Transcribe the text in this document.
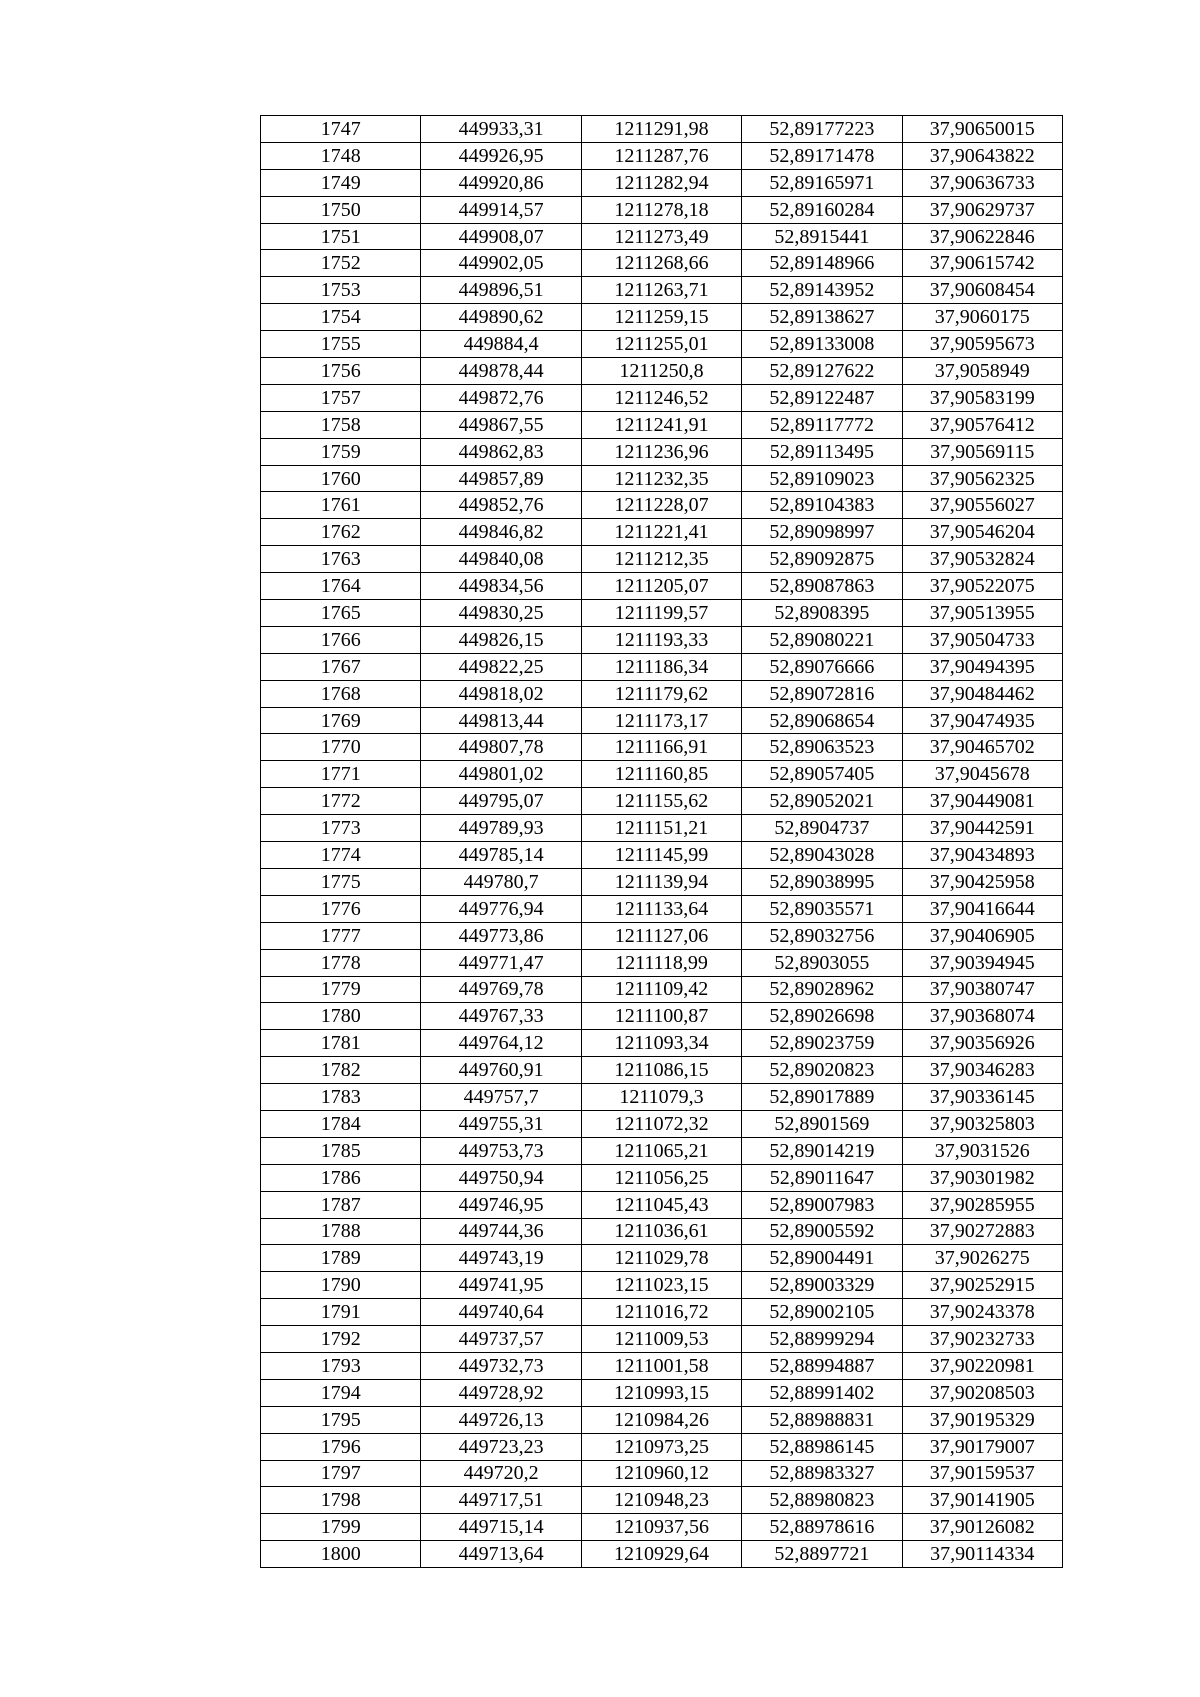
1747	449933,31	1211291,98	52,89177223	37,90650015
1748	449926,95	1211287,76	52,89171478	37,90643822
1749	449920,86	1211282,94	52,89165971	37,90636733
1750	449914,57	1211278,18	52,89160284	37,90629737
1751	449908,07	1211273,49	52,8915441	37,90622846
1752	449902,05	1211268,66	52,89148966	37,90615742
1753	449896,51	1211263,71	52,89143952	37,90608454
1754	449890,62	1211259,15	52,89138627	37,9060175
1755	449884,4	1211255,01	52,89133008	37,90595673
1756	449878,44	1211250,8	52,89127622	37,9058949
1757	449872,76	1211246,52	52,89122487	37,90583199
1758	449867,55	1211241,91	52,89117772	37,90576412
1759	449862,83	1211236,96	52,89113495	37,90569115
1760	449857,89	1211232,35	52,89109023	37,90562325
1761	449852,76	1211228,07	52,89104383	37,90556027
1762	449846,82	1211221,41	52,89098997	37,90546204
1763	449840,08	1211212,35	52,89092875	37,90532824
1764	449834,56	1211205,07	52,89087863	37,90522075
1765	449830,25	1211199,57	52,8908395	37,90513955
1766	449826,15	1211193,33	52,89080221	37,90504733
1767	449822,25	1211186,34	52,89076666	37,90494395
1768	449818,02	1211179,62	52,89072816	37,90484462
1769	449813,44	1211173,17	52,89068654	37,90474935
1770	449807,78	1211166,91	52,89063523	37,90465702
1771	449801,02	1211160,85	52,89057405	37,9045678
1772	449795,07	1211155,62	52,89052021	37,90449081
1773	449789,93	1211151,21	52,8904737	37,90442591
1774	449785,14	1211145,99	52,89043028	37,90434893
1775	449780,7	1211139,94	52,89038995	37,90425958
1776	449776,94	1211133,64	52,89035571	37,90416644
1777	449773,86	1211127,06	52,89032756	37,90406905
1778	449771,47	1211118,99	52,8903055	37,90394945
1779	449769,78	1211109,42	52,89028962	37,90380747
1780	449767,33	1211100,87	52,89026698	37,90368074
1781	449764,12	1211093,34	52,89023759	37,90356926
1782	449760,91	1211086,15	52,89020823	37,90346283
1783	449757,7	1211079,3	52,89017889	37,90336145
1784	449755,31	1211072,32	52,8901569	37,90325803
1785	449753,73	1211065,21	52,89014219	37,9031526
1786	449750,94	1211056,25	52,89011647	37,90301982
1787	449746,95	1211045,43	52,89007983	37,90285955
1788	449744,36	1211036,61	52,89005592	37,90272883
1789	449743,19	1211029,78	52,89004491	37,9026275
1790	449741,95	1211023,15	52,89003329	37,90252915
1791	449740,64	1211016,72	52,89002105	37,90243378
1792	449737,57	1211009,53	52,88999294	37,90232733
1793	449732,73	1211001,58	52,88994887	37,90220981
1794	449728,92	1210993,15	52,88991402	37,90208503
1795	449726,13	1210984,26	52,88988831	37,90195329
1796	449723,23	1210973,25	52,88986145	37,90179007
1797	449720,2	1210960,12	52,88983327	37,90159537
1798	449717,51	1210948,23	52,88980823	37,90141905
1799	449715,14	1210937,56	52,88978616	37,90126082
1800	449713,64	1210929,64	52,8897721	37,90114334
